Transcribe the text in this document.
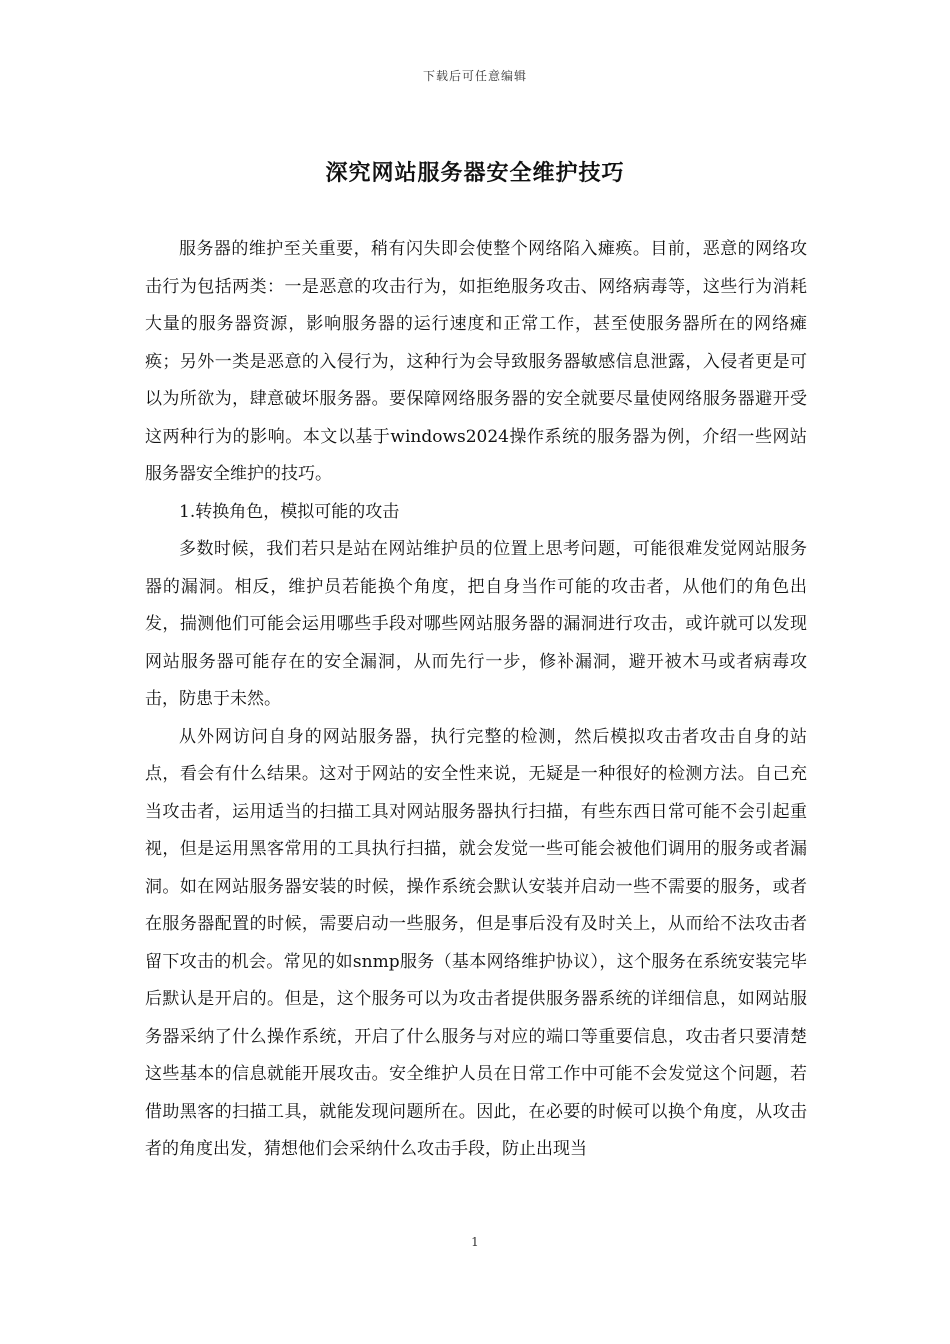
下载后可任意编辑
深究网站服务器安全维护技巧

服务器的维护至关重要，稍有闪失即会使整个网络陷入瘫痪。目前，恶意的网络攻击行为包括两类：一是恶意的攻击行为，如拒绝服务攻击、网络病毒等，这些行为消耗大量的服务器资源，影响服务器的运行速度和正常工作，甚至使服务器所在的网络瘫痪；另外一类是恶意的入侵行为，这种行为会导致服务器敏感信息泄露，入侵者更是可以为所欲为，肆意破坏服务器。要保障网络服务器的安全就要尽量使网络服务器避开受这两种行为的影响。本文以基于windows2024操作系统的服务器为例，介绍一些网站服务器安全维护的技巧。

1.转换角色，模拟可能的攻击

多数时候，我们若只是站在网站维护员的位置上思考问题，可能很难发觉网站服务器的漏洞。相反，维护员若能换个角度，把自身当作可能的攻击者，从他们的角色出发，揣测他们可能会运用哪些手段对哪些网站服务器的漏洞进行攻击，或许就可以发现网站服务器可能存在的安全漏洞，从而先行一步，修补漏洞，避开被木马或者病毒攻击，防患于未然。

从外网访问自身的网站服务器，执行完整的检测，然后模拟攻击者攻击自身的站点，看会有什么结果。这对于网站的安全性来说，无疑是一种很好的检测方法。自己充当攻击者，运用适当的扫描工具对网站服务器执行扫描，有些东西日常可能不会引起重视，但是运用黑客常用的工具执行扫描，就会发觉一些可能会被他们调用的服务或者漏洞。如在网站服务器安装的时候，操作系统会默认安装并启动一些不需要的服务，或者在服务器配置的时候，需要启动一些服务，但是事后没有及时关上，从而给不法攻击者留下攻击的机会。常见的如snmp服务（基本网络维护协议），这个服务在系统安装完毕后默认是开启的。但是，这个服务可以为攻击者提供服务器系统的详细信息，如网站服务器采纳了什么操作系统，开启了什么服务与对应的端口等重要信息，攻击者只要清楚这些基本的信息就能开展攻击。安全维护人员在日常工作中可能不会发觉这个问题，若借助黑客的扫描工具，就能发现问题所在。因此，在必要的时候可以换个角度，从攻击者的角度出发，猜想他们会采纳什么攻击手段，防止出现当

1
